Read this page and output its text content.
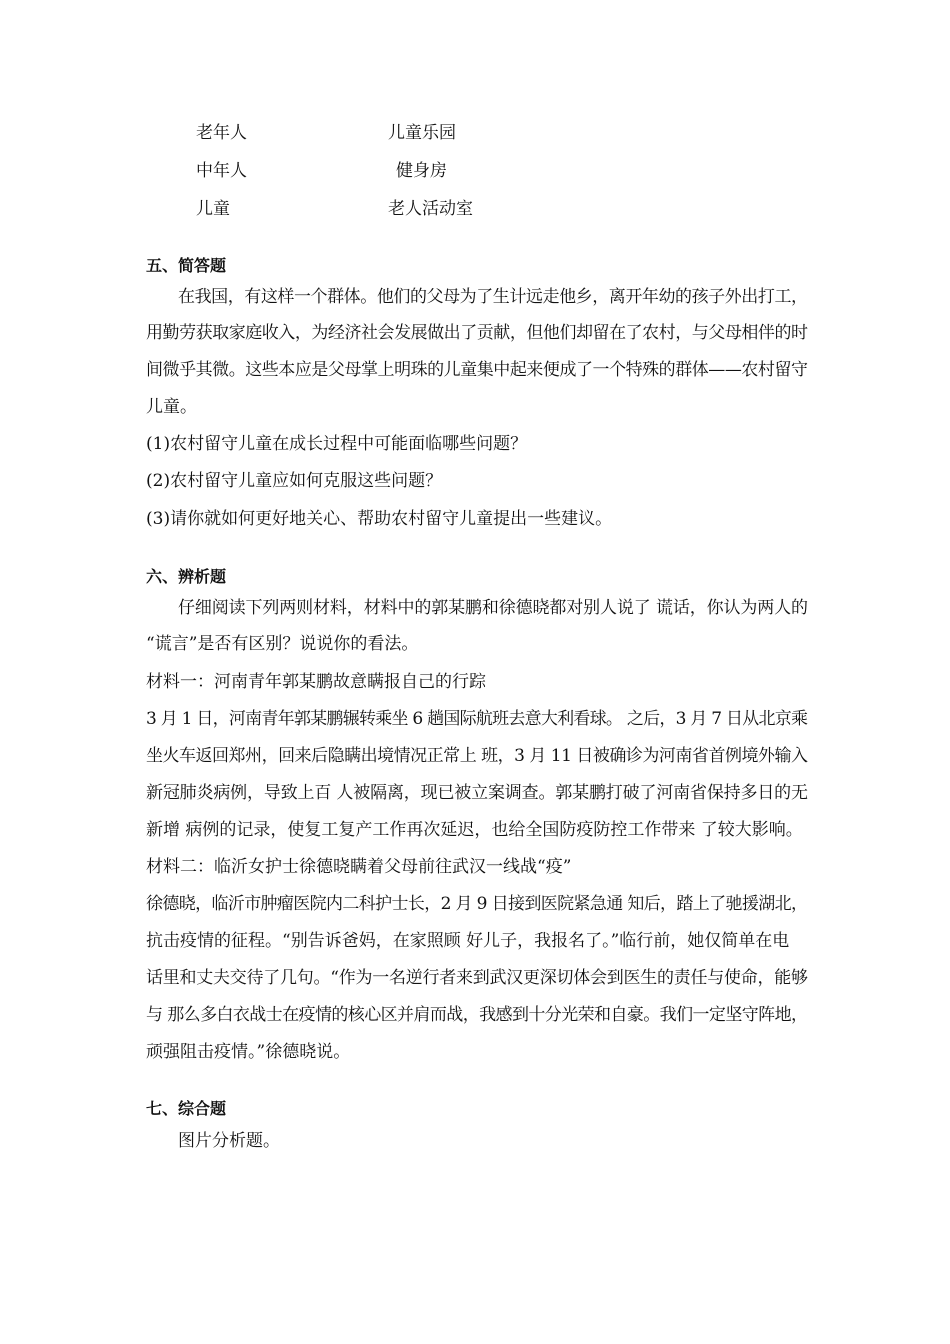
老年人	儿童乐园
中年人	健身房
儿童	老人活动室
五、简答题
在我国，有这样一个群体。他们的父母为了生计远走他乡，离开年幼的孩子外出打工，
用勤劳获取家庭收入，为经济社会发展做出了贡献，但他们却留在了农村，与父母相伴的时
间微乎其微。这些本应是父母掌上明珠的儿童集中起来便成了一个特殊的群体——农村留守
儿童。
(1)农村留守儿童在成长过程中可能面临哪些问题？
(2)农村留守儿童应如何克服这些问题？
(3)请你就如何更好地关心、帮助农村留守儿童提出一些建议。
六、辨析题
仔细阅读下列两则材料，材料中的郭某鹏和徐德晓都对别人说了 谎话，你认为两人的
“谎言”是否有区别？说说你的看法。
材料一：河南青年郭某鹏故意瞒报自己的行踪
3 月 1 日，河南青年郭某鹏辗转乘坐 6 趟国际航班去意大利看球。 之后，3 月 7 日从北京乘
坐火车返回郑州，回来后隐瞒出境情况正常上 班，3 月 11 日被确诊为河南省首例境外输入
新冠肺炎病例，导致上百 人被隔离，现已被立案调查。郭某鹏打破了河南省保持多日的无
新增 病例的记录，使复工复产工作再次延迟，也给全国防疫防控工作带来 了较大影响。
材料二：临沂女护士徐德晓瞒着父母前往武汉一线战“疫”
徐德晓，临沂市肿瘤医院内二科护士长，2 月 9 日接到医院紧急通 知后，踏上了驰援湖北，
抗击疫情的征程。“别告诉爸妈，在家照顾 好儿子，我报名了。”临行前，她仅简单在电
话里和丈夫交待了几句。“作为一名逆行者来到武汉更深切体会到医生的责任与使命，能够
与 那么多白衣战士在疫情的核心区并肩而战，我感到十分光荣和自豪。我们一定坚守阵地，
顽强阻击疫情。”徐德晓说。
七、综合题
图片分析题。
